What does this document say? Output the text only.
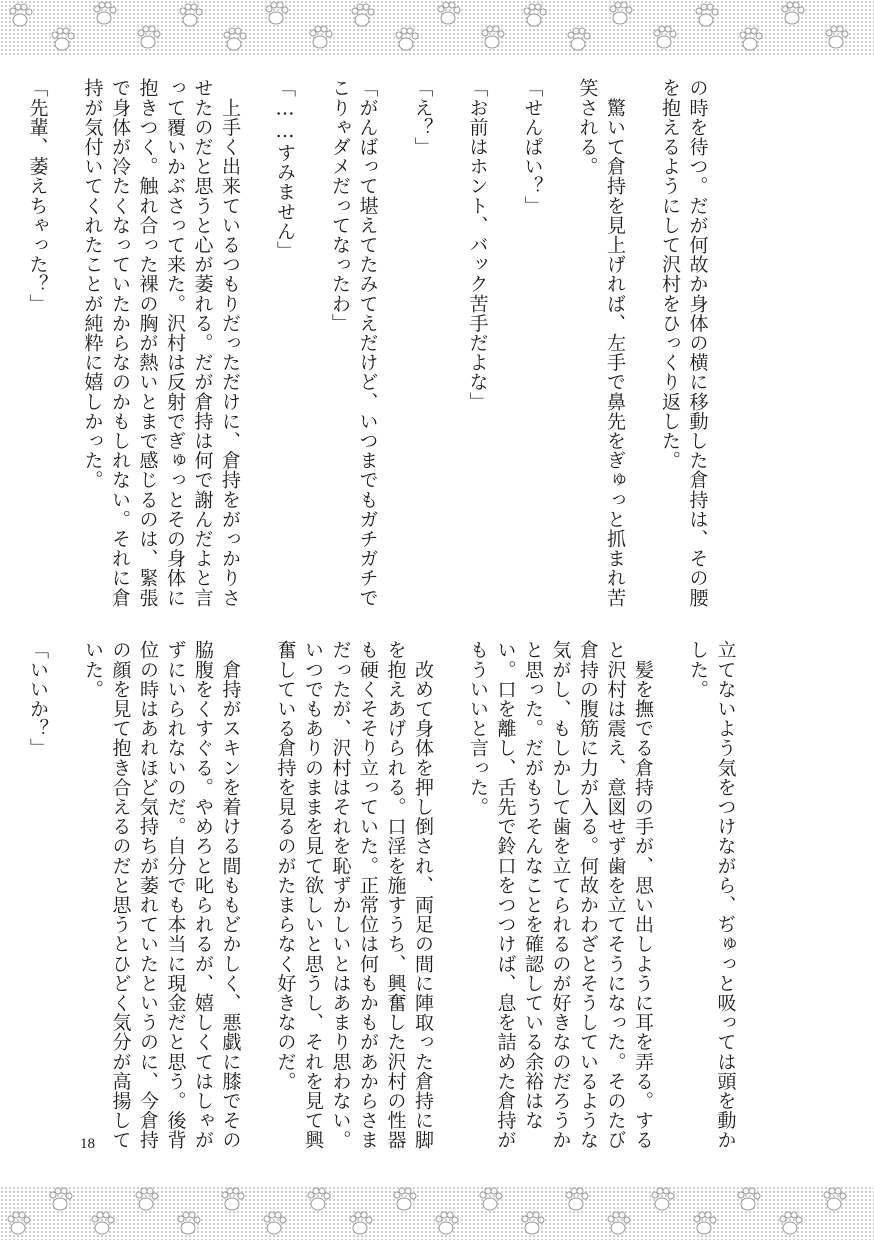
の時を待つ。だが何故か身体の横に移動した倉持は、その腰を抱えるようにして沢村をひっくり返した。

　驚いて倉持を見上げれば、左手で鼻先をぎゅっと抓まれ苦笑される。

「せんぱい？」

「お前はホント、バック苦手だよな」

「え？」

「がんばって堪えてたみてえだけど、いつまでもガチガチでこりゃダメだってなったわ」

「……すみません」

　上手く出来ているつもりだっただけに、倉持をがっかりさせたのだと思うと心が萎れる。だが倉持は何で謝んだよと言って覆いかぶさって来た。沢村は反射でぎゅっとその身体に抱きつく。触れ合った裸の胸が熱いとまで感じるのは、緊張で身体が冷たくなっていたからなのかもしれない。それに倉持が気付いてくれたことが純粋に嬉しかった。

「先輩、萎えちゃった？」

立てないよう気をつけながら、ぢゅっと吸っては頭を動かした。

　髪を撫でる倉持の手が、思い出しように耳を弄る。すると沢村は震え、意図せず歯を立てそうになった。そのたび倉持の腹筋に力が入る。何故かわざとそうしているような気がし、もしかして歯を立てられるのが好きなのだろうかと思った。だがもうそんなことを確認している余裕はない。口を離し、舌先で鈴口をつつけば、息を詰めた倉持がもういいと言った。

　改めて身体を押し倒され、両足の間に陣取った倉持に脚を抱えあげられる。口淫を施すうち、興奮した沢村の性器も硬くそそり立っていた。正常位は何もかもがあからさまだったが、沢村はそれを恥ずかしいとはあまり思わない。いつでもありのままを見て欲しいと思うし、それを見て興奮している倉持を見るのがたまらなく好きなのだ。

　倉持がスキンを着ける間ももどかしく、悪戯に膝でその脇腹をくすぐる。やめろと叱られるが、嬉しくてはしゃがずにいられないのだ。自分でも本当に現金だと思う。後背位の時はあれほど気持ちが萎れていたというのに、今倉持の顔を見て抱き合えるのだと思うとひどく気分が高揚していた。

「いいか？」

18
